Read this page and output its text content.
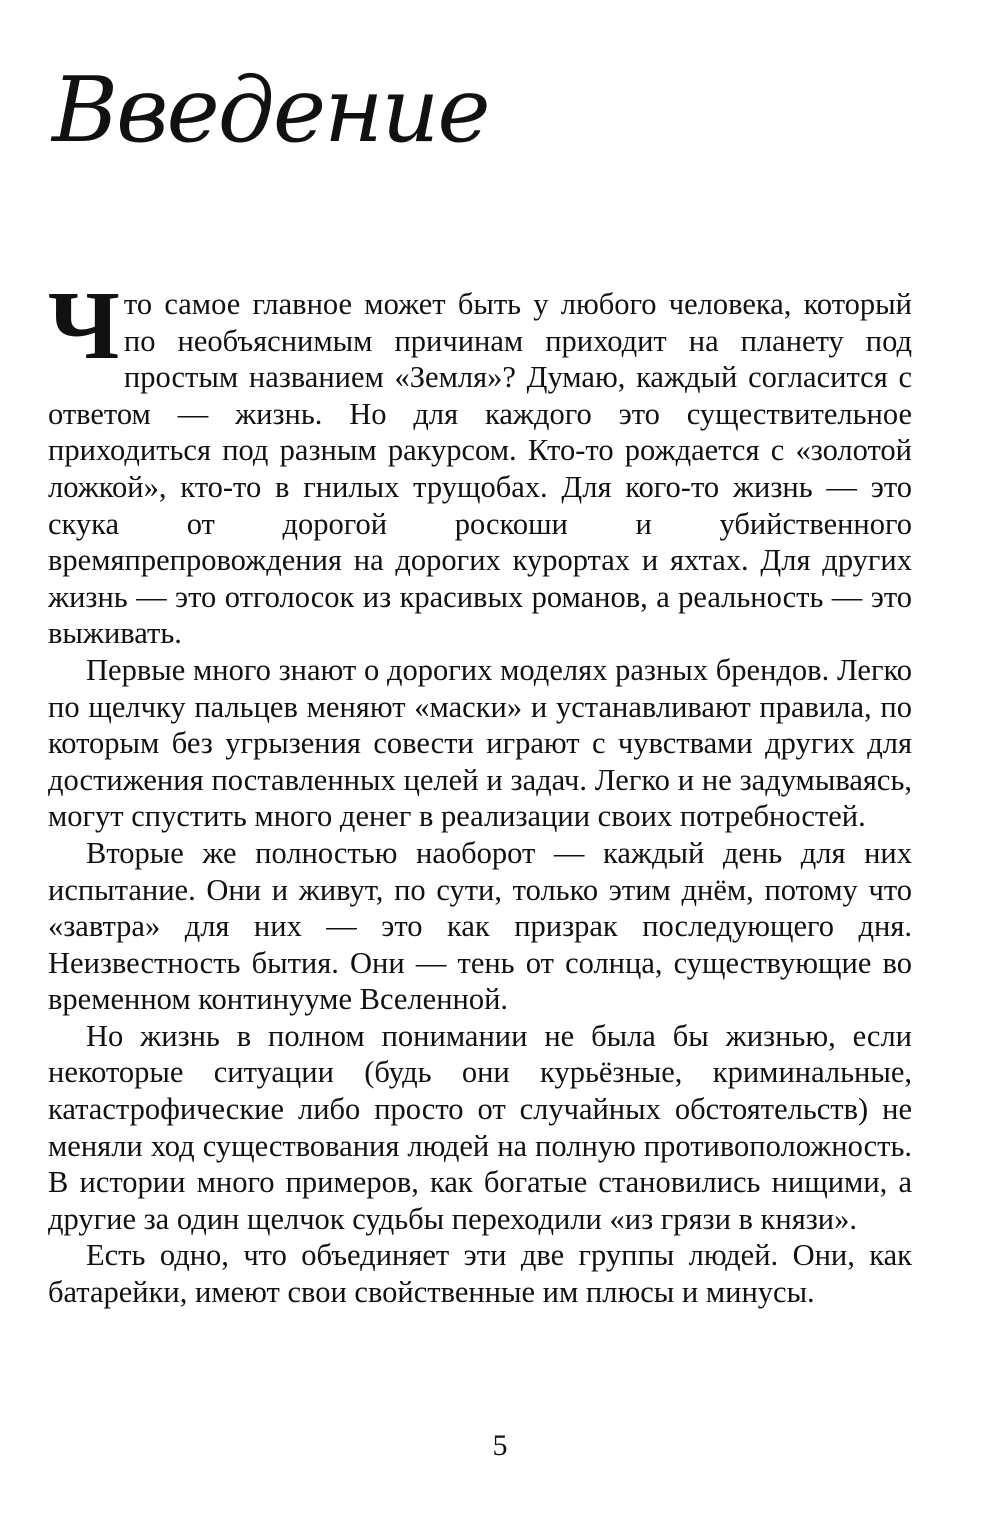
Введение

Что самое главное может быть у любого человека, который по необъяснимым причинам приходит на планету под простым названием «Земля»? Думаю, каждый согласится с ответом — жизнь. Но для каждого это существительное приходиться под разным ракурсом. Кто-то рождается с «золотой ложкой», кто-то в гнилых трущобах. Для кого-то жизнь — это скука от дорогой роскоши и убийственного времяпрепровождения на дорогих курортах и яхтах. Для других жизнь — это отголосок из красивых романов, а реальность — это выживать.

Первые много знают о дорогих моделях разных брендов. Легко по щелчку пальцев меняют «маски» и устанавливают правила, по которым без угрызения совести играют с чувствами других для достижения поставленных целей и задач. Легко и не задумываясь, могут спустить много денег в реализации своих потребностей.

Вторые же полностью наоборот — каждый день для них испытание. Они и живут, по сути, только этим днём, потому что «завтра» для них — это как призрак последующего дня. Неизвестность бытия. Они — тень от солнца, существующие во временном континууме Вселенной.

Но жизнь в полном понимании не была бы жизнью, если некоторые ситуации (будь они курьёзные, криминальные, катастрофические либо просто от случайных обстоятельств) не меняли ход существования людей на полную противоположность. В истории много примеров, как богатые становились нищими, а другие за один щелчок судьбы переходили «из грязи в князи».

Есть одно, что объединяет эти две группы людей. Они, как батарейки, имеют свои свойственные им плюсы и минусы.

5
